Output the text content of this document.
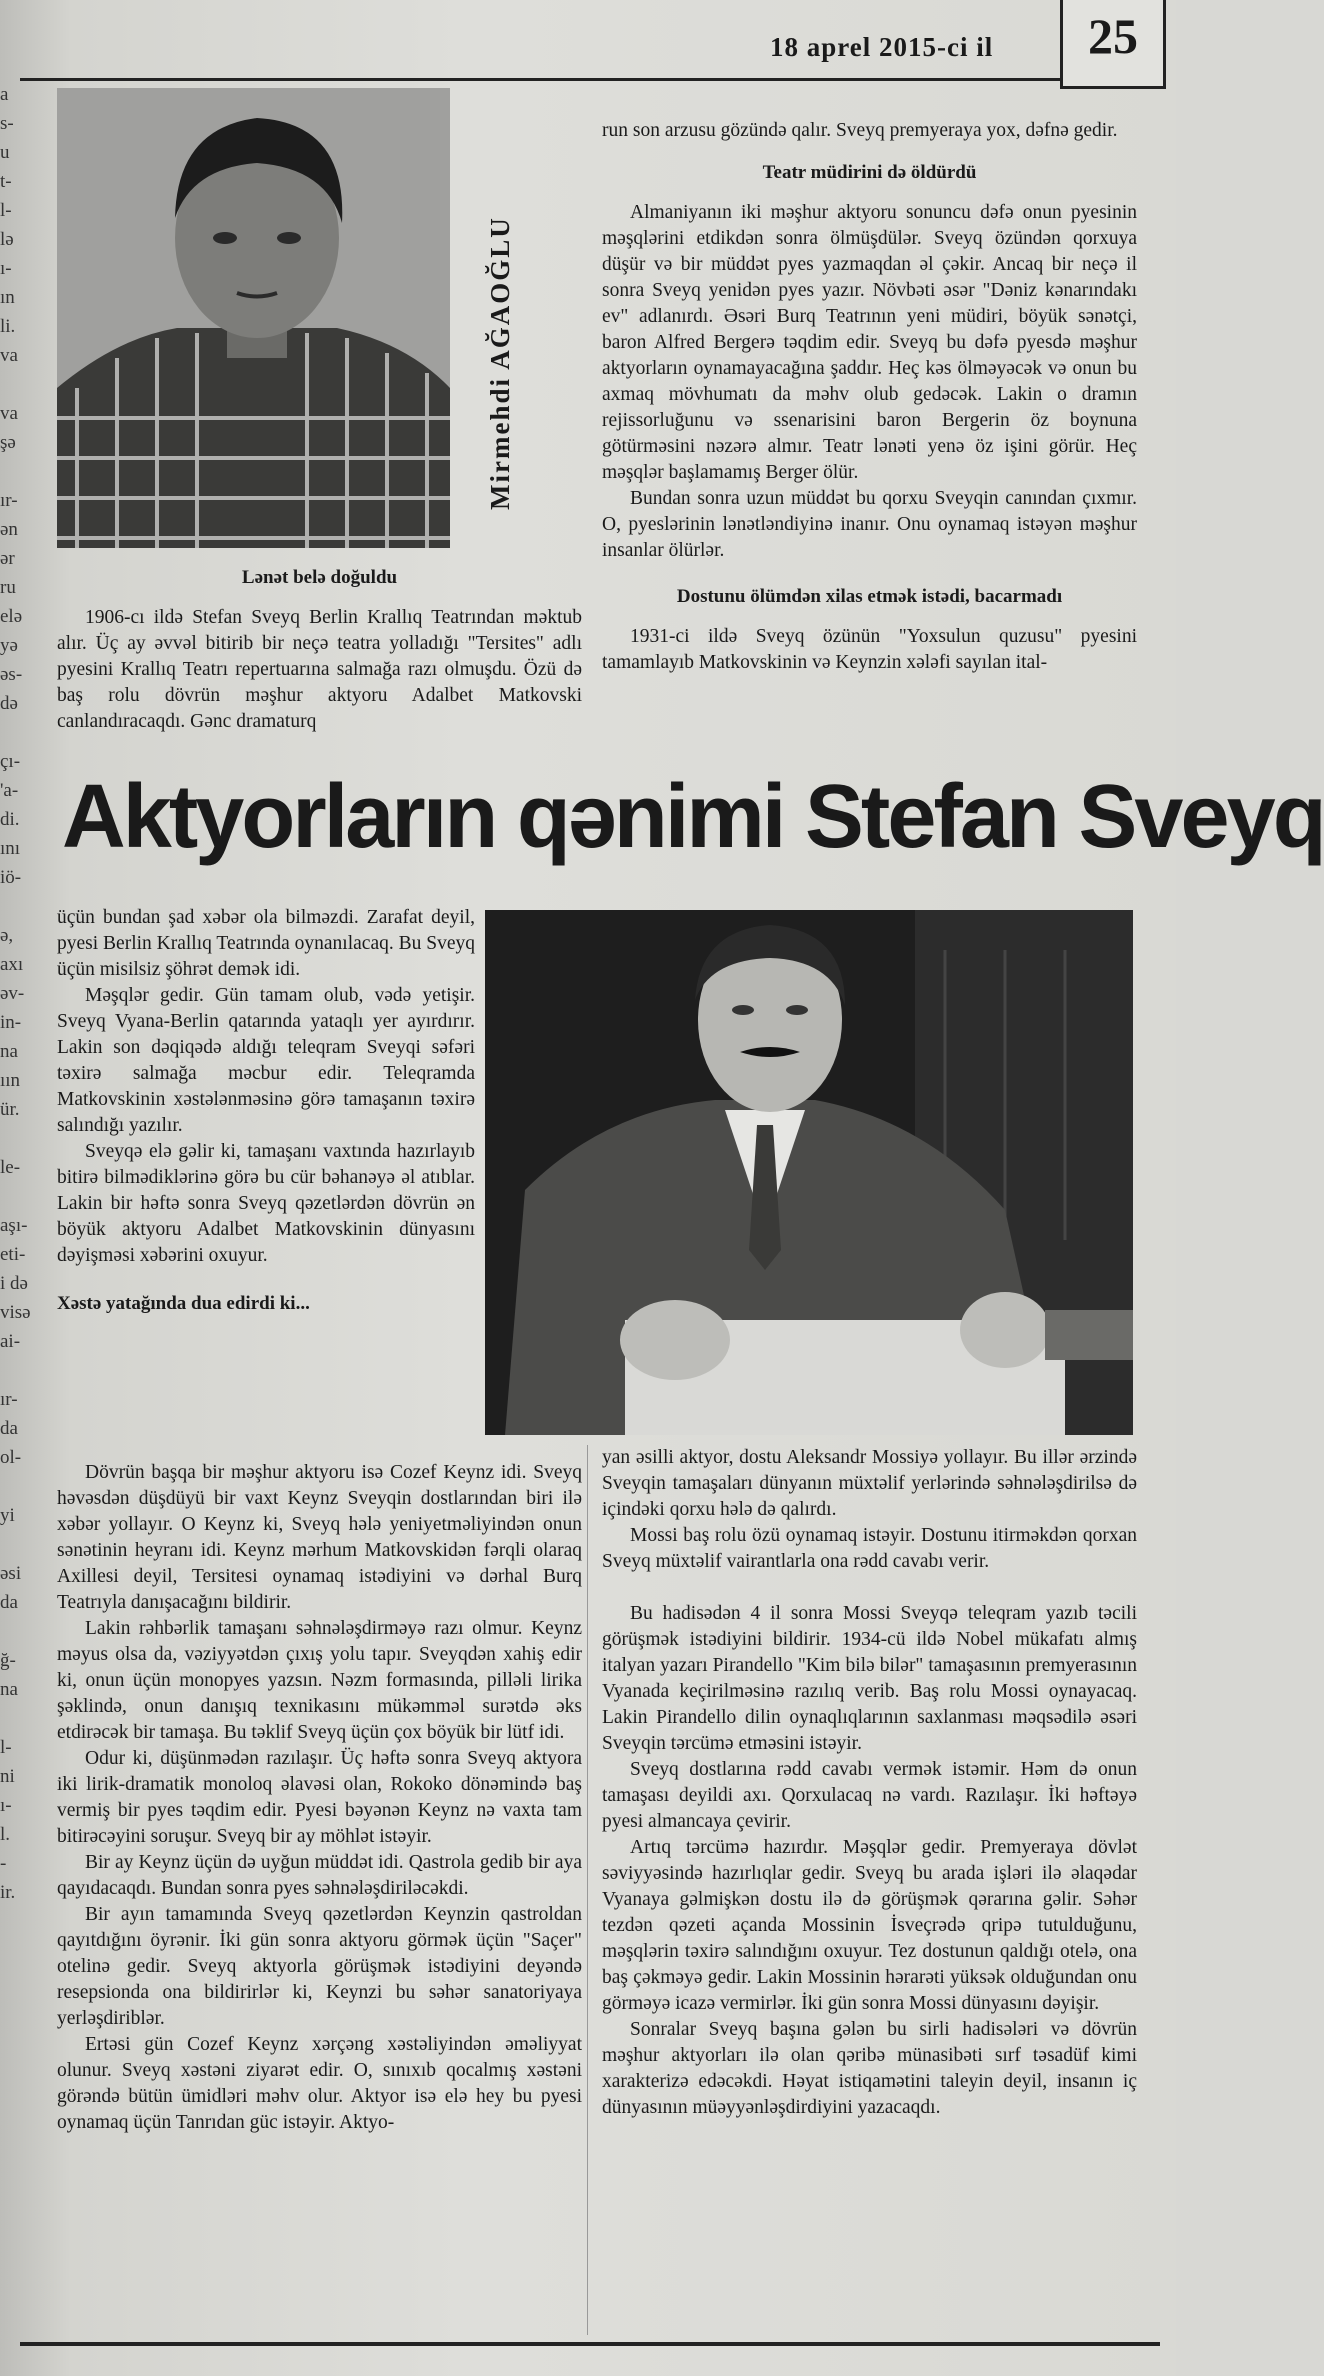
18 aprel 2015-ci il	25
a
s-
u
t-
l-
lə
ı-
ın
li.
va

va
şə

ır-
ən
ər
ru
elə
yə
əs-
də

çı-
'a-
di.
ını
iö-

ə,
axı
əv-
in-
na
ıın
ür.

le-

aşı-
eti-
i də
visə
ai-

ır-
da
ol-

yi

əsi
da

ğ-
na

l-
ni
ı-
l.
-
ir.

Mirmehdi AĞAOĞLU

Lənət belə doğuldu

1906-cı ildə Stefan Sveyq Berlin Krallıq Teatrından məktub alır. Üç ay əvvəl bitirib bir neçə teatra yolladığı "Tersites" adlı pyesini Krallıq Teatrı repertuarına salmağa razı olmuşdu. Özü də baş rolu dövrün məşhur aktyoru Adalbet Matkovski canlandıracaqdı. Gənc dramaturq

run son arzusu gözündə qalır. Sveyq premyeraya yox, dəfnə gedir.

Teatr müdirini də öldürdü

Almaniyanın iki məşhur aktyoru sonuncu dəfə onun pyesinin məşqlərini etdikdən sonra ölmüşdülər. Sveyq özündən qorxuya düşür və bir müddət pyes yazmaqdan əl çəkir. Ancaq bir neçə il sonra Sveyq yenidən pyes yazır. Növbəti əsər "Dəniz kənarındakı ev" adlanırdı. Əsəri Burq Teatrının yeni müdiri, böyük sənətçi, baron Alfred Bergerə təqdim edir. Sveyq bu dəfə pyesdə məşhur aktyorların oynamayacağına şaddır. Heç kəs ölməyəcək və onun bu axmaq mövhumatı da məhv olub gedəcək. Lakin o dramın rejissorluğunu və ssenarisini baron Bergerin öz boynuna götürməsini nəzərə almır. Teatr lənəti yenə öz işini görür. Heç məşqlər başlamamış Berger ölür.

Bundan sonra uzun müddət bu qorxu Sveyqin canından çıxmır. O, pyeslərinin lənətləndiyinə inanır. Onu oynamaq istəyən məşhur insanlar ölürlər.

Dostunu ölümdən xilas etmək istədi, bacarmadı

1931-ci ildə Sveyq özünün "Yoxsulun quzusu" pyesini tamamlayıb Matkovskinin və Keynzin xələfi sayılan ital-

Aktyorların qənimi Stefan Sveyq

üçün bundan şad xəbər ola bilməzdi. Zarafat deyil, pyesi Berlin Krallıq Teatrında oynanılacaq. Bu Sveyq üçün misilsiz şöhrət demək idi.

Məşqlər gedir. Gün tamam olub, vədə yetişir. Sveyq Vyana-Berlin qatarında yataqlı yer ayırdırır. Lakin son dəqiqədə aldığı teleqram Sveyqi səfəri təxirə salmağa məcbur edir. Teleqramda Matkovskinin xəstələnməsinə görə tamaşanın təxirə salındığı yazılır.

Sveyqə elə gəlir ki, tamaşanı vaxtında hazırlayıb bitirə bilmədiklərinə görə bu cür bəhanəyə əl atıblar. Lakin bir həftə sonra Sveyq qəzetlərdən dövrün ən böyük aktyoru Adalbet Matkovskinin dünyasını dəyişməsi xəbərini oxuyur.

Xəstə yatağında dua edirdi ki...

Dövrün başqa bir məşhur aktyoru isə Cozef Keynz idi. Sveyq həvəsdən düşdüyü bir vaxt Keynz Sveyqin dostlarından biri ilə xəbər yollayır. O Keynz ki, Sveyq hələ yeniyetməliyindən onun sənətinin heyranı idi. Keynz mərhum Matkovskidən fərqli olaraq Axillesi deyil, Tersitesi oynamaq istədiyini və dərhal Burq Teatrıyla danışacağını bildirir.

Lakin rəhbərlik tamaşanı səhnələşdirməyə razı olmur. Keynz məyus olsa da, vəziyyətdən çıxış yolu tapır. Sveyqdən xahiş edir ki, onun üçün monopyes yazsın. Nəzm formasında, pilləli lirika şəklində, onun danışıq texnikasını mükəmməl surətdə əks etdirəcək bir tamaşa. Bu təklif Sveyq üçün çox böyük bir lütf idi.

Odur ki, düşünmədən razılaşır. Üç həftə sonra Sveyq aktyora iki lirik-dramatik monoloq əlavəsi olan, Rokoko dönəmində baş vermiş bir pyes təqdim edir. Pyesi bəyənən Keynz nə vaxta tam bitirəcəyini soruşur. Sveyq bir ay möhlət istəyir.

Bir ay Keynz üçün də uyğun müddət idi. Qastrola gedib bir aya qayıdacaqdı. Bundan sonra pyes səhnələşdiriləcəkdi.

Bir ayın tamamında Sveyq qəzetlərdən Keynzin qastroldan qayıtdığını öyrənir. İki gün sonra aktyoru görmək üçün "Saçer" otelinə gedir. Sveyq aktyorla görüşmək istədiyini deyəndə resepsionda ona bildirirlər ki, Keynzi bu səhər sanatoriyaya yerləşdiriblər.

Ertəsi gün Cozef Keynz xərçəng xəstəliyindən əməliyyat olunur. Sveyq xəstəni ziyarət edir. O, sınıxıb qocalmış xəstəni görəndə bütün ümidləri məhv olur. Aktyor isə elə hey bu pyesi oynamaq üçün Tanrıdan güc istəyir. Aktyo-

yan əsilli aktyor, dostu Aleksandr Mossiyə yollayır. Bu illər ərzində Sveyqin tamaşaları dünyanın müxtəlif yerlərində səhnələşdirilsə də içindəki qorxu hələ də qalırdı.

Mossi baş rolu özü oynamaq istəyir. Dostunu itirməkdən qorxan Sveyq müxtəlif vairantlarla ona rədd cavabı verir.

Bu hadisədən 4 il sonra Mossi Sveyqə teleqram yazıb təcili görüşmək istədiyini bildirir. 1934-cü ildə Nobel mükafatı almış italyan yazarı Pirandello "Kim bilə bilər" tamaşasının premyerasının Vyanada keçirilməsinə razılıq verib. Baş rolu Mossi oynayacaq. Lakin Pirandello dilin oynaqlıqlarının saxlanması məqsədilə əsəri Sveyqin tərcümə etməsini istəyir.

Sveyq dostlarına rədd cavabı vermək istəmir. Həm də onun tamaşası deyildi axı. Qorxulacaq nə vardı. Razılaşır. İki həftəyə pyesi almancaya çevirir.

Artıq tərcümə hazırdır. Məşqlər gedir. Premyeraya dövlət səviyyəsində hazırlıqlar gedir. Sveyq bu arada işləri ilə əlaqədar Vyanaya gəlmişkən dostu ilə də görüşmək qərarına gəlir. Səhər tezdən qəzeti açanda Mossinin İsveçrədə qripə tutulduğunu, məşqlərin təxirə salındığını oxuyur. Tez dostunun qaldığı otelə, ona baş çəkməyə gedir. Lakin Mossinin hərarəti yüksək olduğundan onu görməyə icazə vermirlər. İki gün sonra Mossi dünyasını dəyişir.

Sonralar Sveyq başına gələn bu sirli hadisələri və dövrün məşhur aktyorları ilə olan qəribə münasibəti sırf təsadüf kimi xarakterizə edəcəkdi. Həyat istiqamətini taleyin deyil, insanın iç dünyasının müəyyənləşdirdiyini yazacaqdı.
